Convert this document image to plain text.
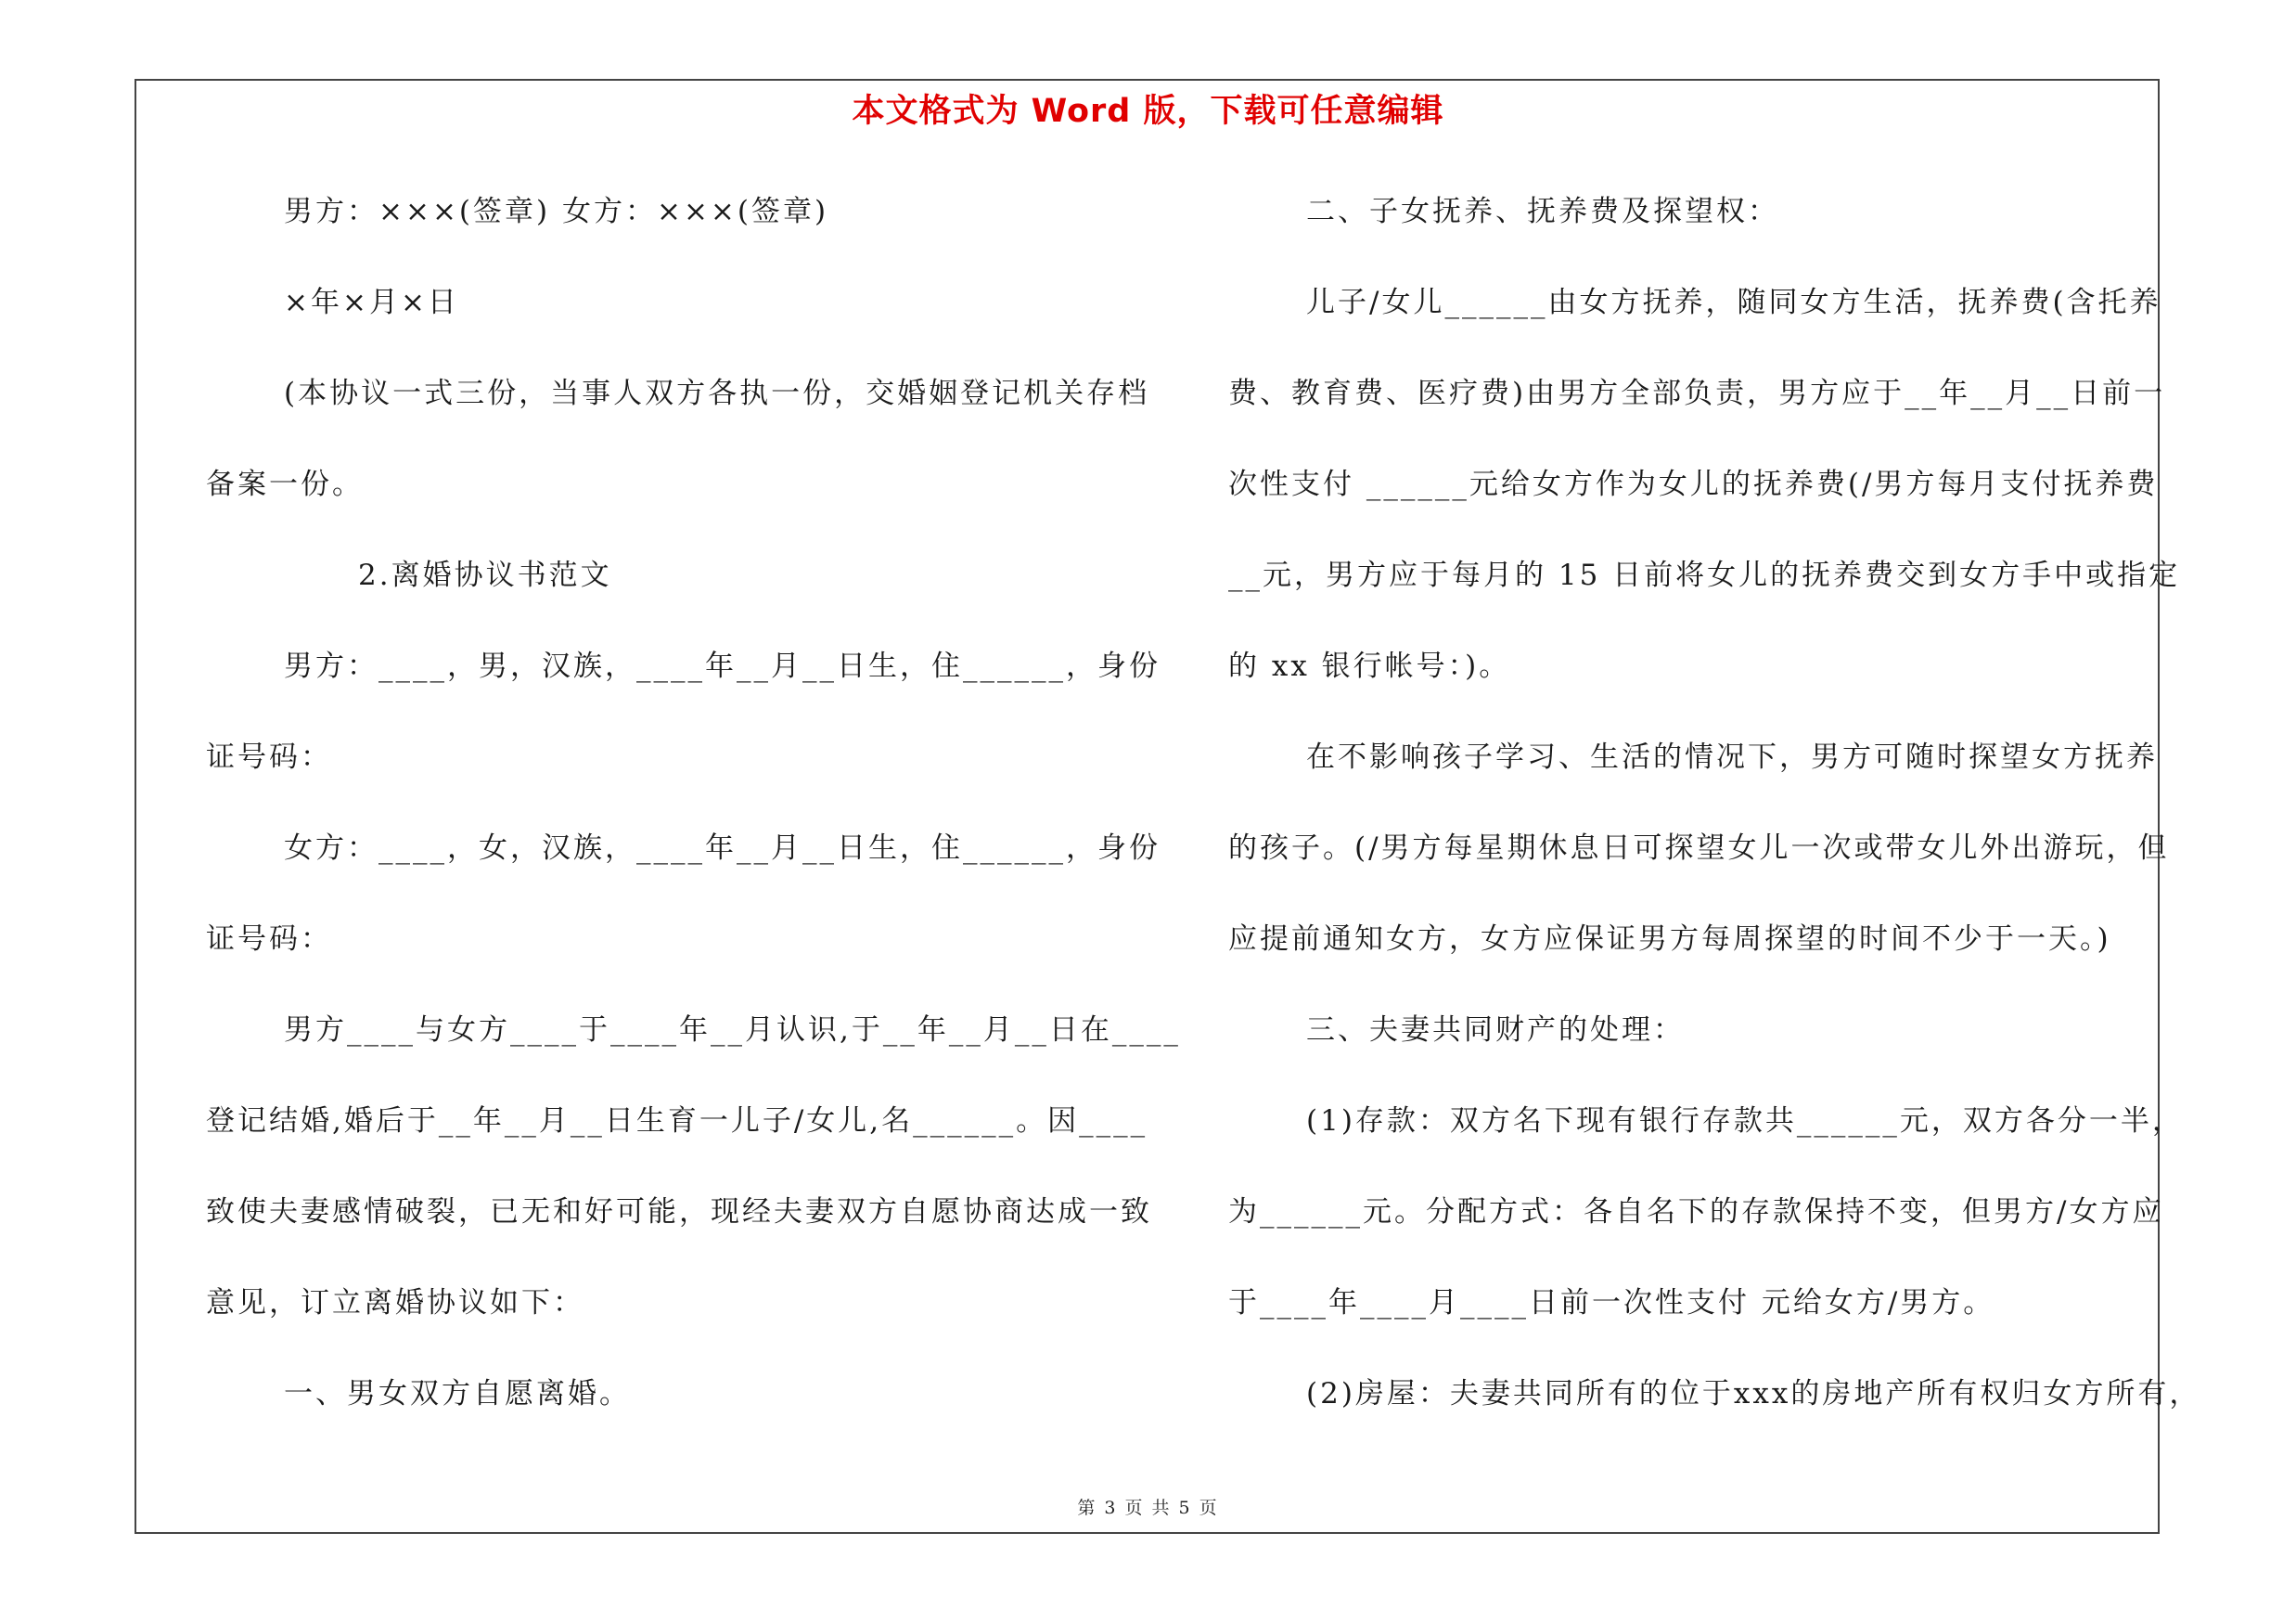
本文格式为 Word 版，下载可任意编辑
男方：×××(签章) 女方：×××(签章)
×年×月×日
(本协议一式三份，当事人双方各执一份，交婚姻登记机关存档
备案一份。
2.离婚协议书范文
男方：____，男，汉族，____年__月__日生，住______，身份
证号码：
女方：____，女，汉族，____年__月__日生，住______，身份
证号码：
男方____与女方____于____年__月认识,于__年__月__日在____
登记结婚,婚后于__年__月__日生育一儿子/女儿,名______。因____
致使夫妻感情破裂，已无和好可能，现经夫妻双方自愿协商达成一致
意见，订立离婚协议如下：
一、男女双方自愿离婚。
二、子女抚养、抚养费及探望权：
儿子/女儿______由女方抚养，随同女方生活，抚养费(含托养
费、教育费、医疗费)由男方全部负责，男方应于__年__月__日前一
次性支付 ______元给女方作为女儿的抚养费(/男方每月支付抚养费
__元，男方应于每月的 15 日前将女儿的抚养费交到女方手中或指定
的 xx 银行帐号：)。
在不影响孩子学习、生活的情况下，男方可随时探望女方抚养
的孩子。(/男方每星期休息日可探望女儿一次或带女儿外出游玩，但
应提前通知女方，女方应保证男方每周探望的时间不少于一天。)
三、夫妻共同财产的处理：
(1)存款：双方名下现有银行存款共______元，双方各分一半，
为______元。分配方式：各自名下的存款保持不变，但男方/女方应
于____年____月____日前一次性支付 元给女方/男方。
(2)房屋：夫妻共同所有的位于xxx的房地产所有权归女方所有，
第 3 页 共 5 页
